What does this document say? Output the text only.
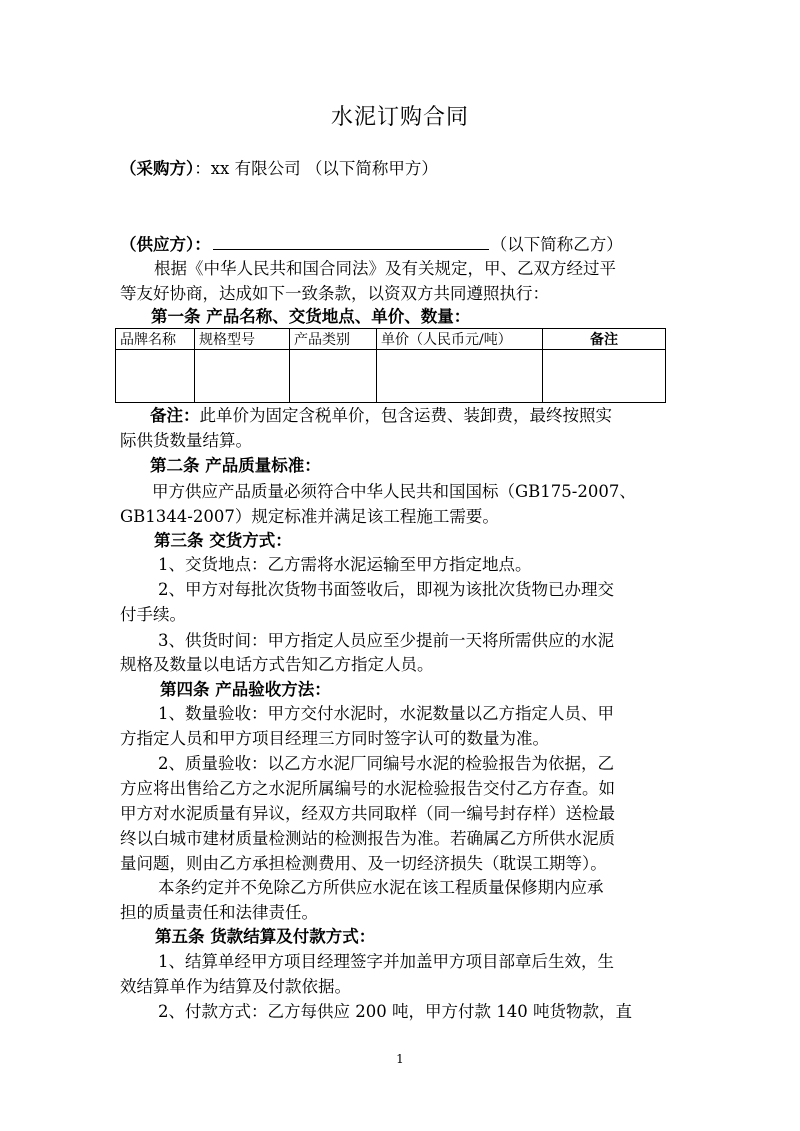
水泥订购合同
（采购方）：xx 有限公司 （以下简称甲方）
（供应方）：	（以下简称乙方）
根据《中华人民共和国合同法》及有关规定，甲、乙双方经过平
等友好协商，达成如下一致条款，以资双方共同遵照执行：
第一条 产品名称、交货地点、单价、数量：
品牌名称	规格型号	产品类别	单价（人民币元/吨）	备注

备注：此单价为固定含税单价，包含运费、装卸费，最终按照实
际供货数量结算。
第二条 产品质量标准：
甲方供应产品质量必须符合中华人民共和国国标（GB175-2007、
GB1344-2007）规定标准并满足该工程施工需要。
第三条 交货方式：
1、交货地点：乙方需将水泥运输至甲方指定地点。
2、甲方对每批次货物书面签收后，即视为该批次货物已办理交
付手续。
3、供货时间：甲方指定人员应至少提前一天将所需供应的水泥
规格及数量以电话方式告知乙方指定人员。
第四条 产品验收方法：
1、数量验收：甲方交付水泥时，水泥数量以乙方指定人员、甲
方指定人员和甲方项目经理三方同时签字认可的数量为准。
2、质量验收：以乙方水泥厂同编号水泥的检验报告为依据，乙
方应将出售给乙方之水泥所属编号的水泥检验报告交付乙方存查。如
甲方对水泥质量有异议，经双方共同取样（同一编号封存样）送检最
终以白城市建材质量检测站的检测报告为准。若确属乙方所供水泥质
量问题，则由乙方承担检测费用、及一切经济损失（耽误工期等）。
本条约定并不免除乙方所供应水泥在该工程质量保修期内应承
担的质量责任和法律责任。
第五条 货款结算及付款方式：
1、结算单经甲方项目经理签字并加盖甲方项目部章后生效，生
效结算单作为结算及付款依据。
2、付款方式：乙方每供应 200 吨，甲方付款 140 吨货物款，直
1
